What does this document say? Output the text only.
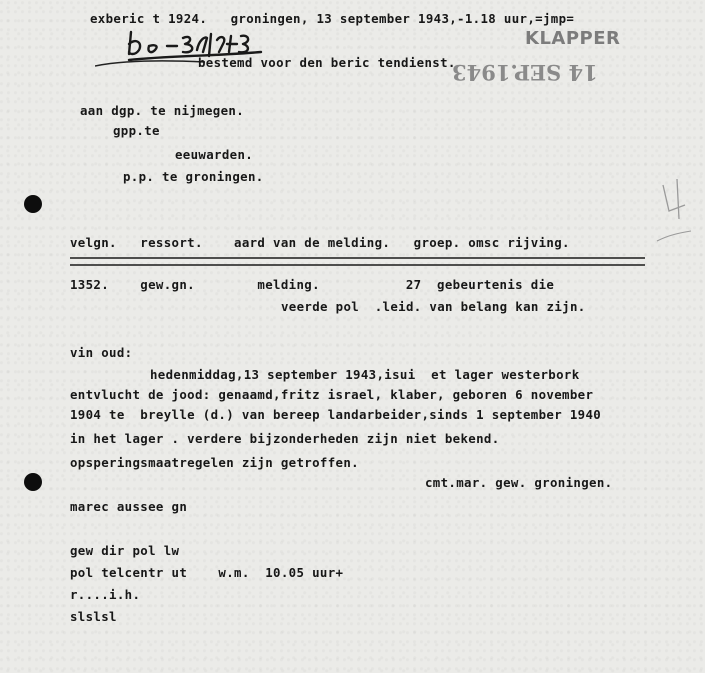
exberic t 1924.   groningen, 13 september 1943,-1.18 uur,=jmp=
bestemd voor den beric tendienst.
KLAPPER
14 SEP.1943
aan dgp. te nijmegen.
gpp.te
eeuwarden.
p.p. te groningen.
velgn.   ressort.    aard van de melding.   groep. omsc rijving.
1352.    gew.gn.        melding.           27  gebeurtenis die
veerde pol  .leid. van belang kan zijn.
vin oud:
hedenmiddag,13 september 1943,isui  et lager westerbork
entvlucht de jood: genaamd,fritz israel, klaber, geboren 6 november
1904 te  breylle (d.) van bereep landarbeider,sinds 1 september 1940
in het lager . verdere bijzonderheden zijn niet bekend.
opsperingsmaatregelen zijn getroffen.
cmt.mar. gew. groningen.
marec aussee gn
gew dir pol lw
pol telcentr ut    w.m.  10.05 uur+
r....i.h.
slslsl
